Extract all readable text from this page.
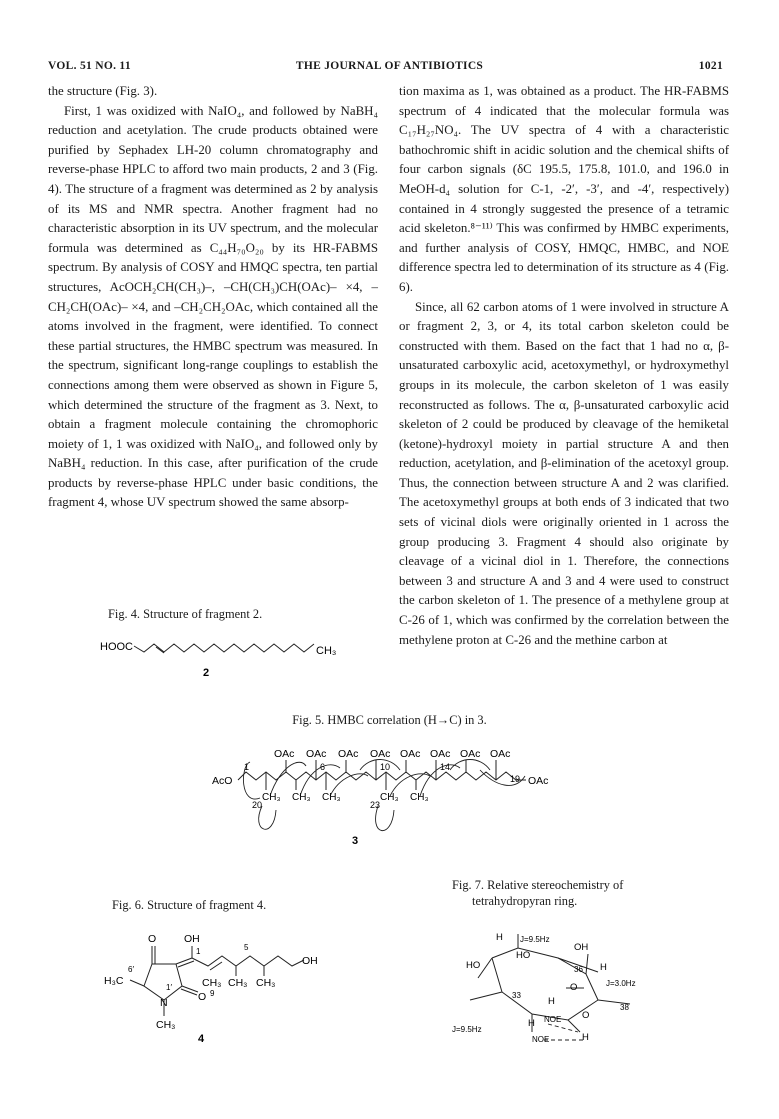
VOL. 51 NO. 11	THE JOURNAL OF ANTIBIOTICS	1021

the structure (Fig. 3).

First, 1 was oxidized with NaIO₄, and followed by NaBH₄ reduction and acetylation. The crude products obtained were purified by Sephadex LH-20 column chromatography and reverse-phase HPLC to afford two main products, 2 and 3 (Fig. 4). The structure of a fragment was determined as 2 by analysis of its MS and NMR spectra. Another fragment had no characteristic absorption in its UV spectrum, and the molecular formula was determined as C₄₄H₇₀O₂₀ by its HR-FABMS spectrum. By analysis of COSY and HMQC spectra, ten partial structures, AcOCH₂CH(CH₃)–, –CH(CH₃)CH(OAc)– ×4, –CH₂CH(OAc)– ×4, and –CH₂CH₂OAc, which contained all the atoms involved in the fragment, were identified. To connect these partial structures, the HMBC spectrum was measured. In the spectrum, significant long-range couplings to establish the connections among them were observed as shown in Figure 5, which determined the structure of the fragment as 3. Next, to obtain a fragment molecule containing the chromophoric moiety of 1, 1 was oxidized with NaIO₄, and followed only by NaBH₄ reduction. In this case, after purification of the crude products by reverse-phase HPLC under basic conditions, the fragment 4, whose UV spectrum showed the same absorp-

tion maxima as 1, was obtained as a product. The HR-FABMS spectrum of 4 indicated that the molecular formula was C₁₇H₂₇NO₄. The UV spectra of 4 with a characteristic bathochromic shift in acidic solution and the chemical shifts of four carbon signals (δC 195.5, 175.8, 101.0, and 196.0 in MeOH-d₄ solution for C-1, -2′, -3′, and -4′, respectively) contained in 4 strongly suggested the presence of a tetramic acid skeleton.⁸⁻¹¹⁾ This was confirmed by HMBC experiments, and further analysis of COSY, HMQC, HMBC, and NOE difference spectra led to determination of its structure as 4 (Fig. 6).

Since, all 62 carbon atoms of 1 were involved in structure A or fragment 2, 3, or 4, its total carbon skeleton could be constructed with them. Based on the fact that 1 had no α, β-unsaturated carboxylic acid, acetoxymethyl, or hydroxymethyl groups in its molecule, the carbon skeleton of 1 was easily reconstructed as follows. The α, β-unsaturated carboxylic acid skeleton of 2 could be produced by cleavage of the hemiketal (ketone)-hydroxyl moiety in partial structure A and then reduction, acetylation, and β-elimination of the acetoxyl group. Thus, the connection between structure A and 2 was clarified. The acetoxymethyl groups at both ends of 3 indicated that two sets of vicinal diols were originally oriented in 1 across the group producing 3. Fragment 4 should also originate by cleavage of a vicinal diol in 1. Therefore, the connections between 3 and structure A and 3 and 4 were used to construct the carbon skeleton of 1. The presence of a methylene group at C-26 of 1, which was confirmed by the correlation between the methylene proton at C-26 and the methine carbon at

Fig. 4. Structure of fragment 2.
HOOC	CH₃
2
Fig. 5. HMBC correlation (H→C) in 3.
OAc OAc OAc OAc OAc OAc OAc OAc
AcO	OAc
1	6	10	14
19
20	23
CH₃ CH₃ CH₃	CH₃ CH₃
3
Fig. 6. Structure of fragment 4.
O	OH
OH
H₃C
N	O
CH₃
CH₃ CH₃ CH₃
1	5
6′
9
1′
4
Fig. 7. Relative stereochemistry of
tetrahydropyran ring.
H J=9.5Hz
OH
HO
HO	H
J=3.0Hz
O
H
O
H
H
J=9.5Hz
NOE
NOE
33
36
38
